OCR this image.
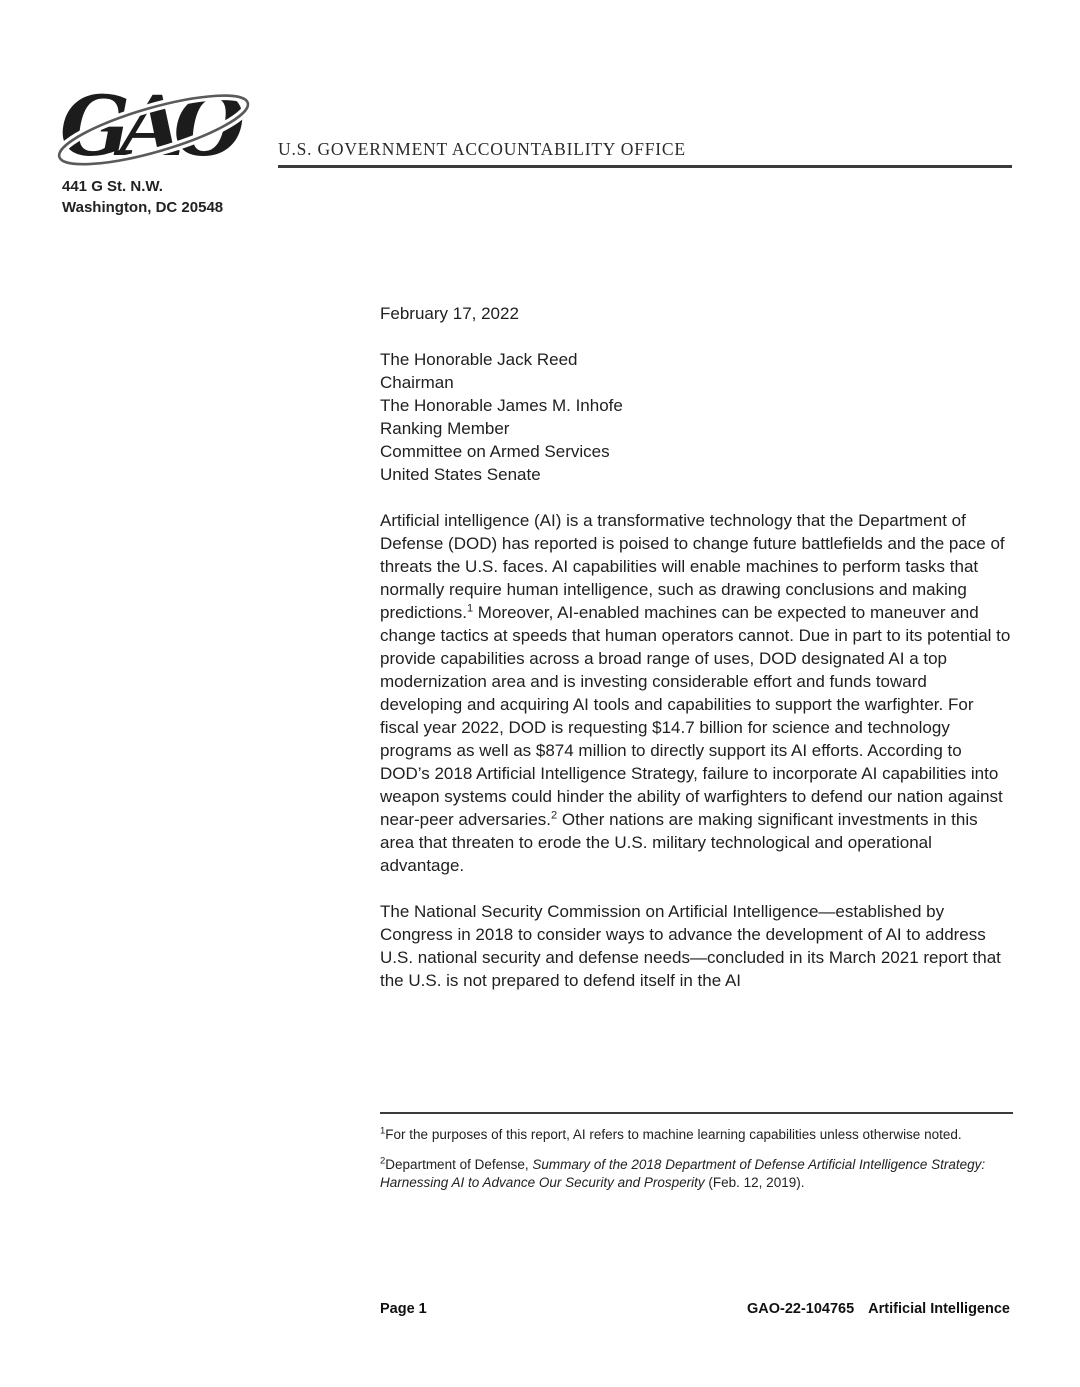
GAO	U.S. GOVERNMENT ACCOUNTABILITY OFFICE
441 G St. N.W.
Washington, DC 20548
February 17, 2022
The Honorable Jack Reed
Chairman
The Honorable James M. Inhofe
Ranking Member
Committee on Armed Services
United States Senate

Artificial intelligence (AI) is a transformative technology that the Department of Defense (DOD) has reported is poised to change future battlefields and the pace of threats the U.S. faces. AI capabilities will enable machines to perform tasks that normally require human intelligence, such as drawing conclusions and making predictions.$^1$ Moreover, AI-enabled machines can be expected to maneuver and change tactics at speeds that human operators cannot. Due in part to its potential to provide capabilities across a broad range of uses, DOD designated AI a top modernization area and is investing considerable effort and funds toward developing and acquiring AI tools and capabilities to support the warfighter. For fiscal year 2022, DOD is requesting $14.7 billion for science and technology programs as well as $874 million to directly support its AI efforts. According to DOD’s 2018 Artificial Intelligence Strategy, failure to incorporate AI capabilities into weapon systems could hinder the ability of warfighters to defend our nation against near-peer adversaries.$^2$ Other nations are making significant investments in this area that threaten to erode the U.S. military technological and operational advantage.

The National Security Commission on Artificial Intelligence—established by Congress in 2018 to consider ways to advance the development of AI to address U.S. national security and defense needs—concluded in its March 2021 report that the U.S. is not prepared to defend itself in the AI

$^1$For the purposes of this report, AI refers to machine learning capabilities unless otherwise noted.

$^2$Department of Defense, Summary of the 2018 Department of Defense Artificial Intelligence Strategy: Harnessing AI to Advance Our Security and Prosperity (Feb. 12, 2019).

Page 1	GAO-22-104765 Artificial Intelligence
